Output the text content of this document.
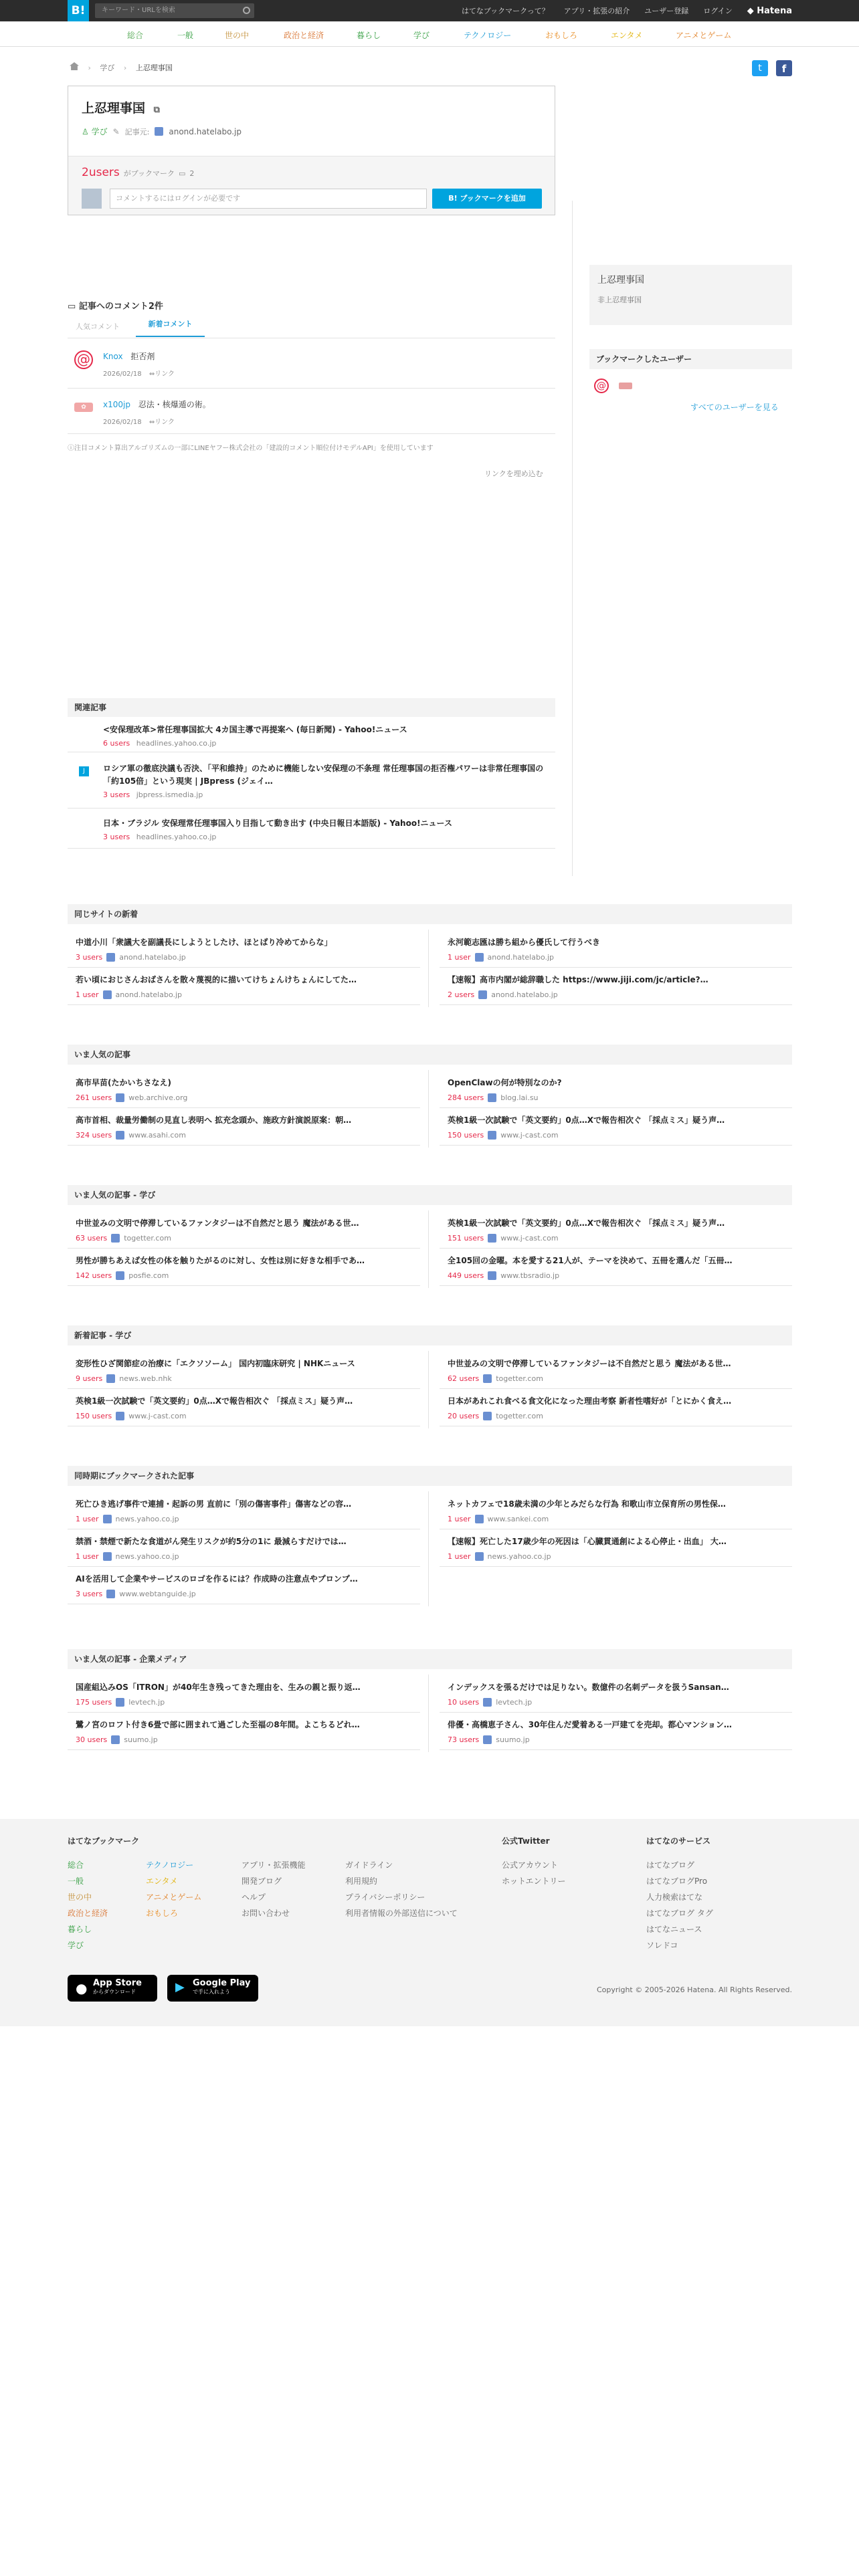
B!	キーワード・URLを検索	はてなブックマークって？ アプリ・拡張の紹介 ユーザー登録 ログイン ◆ Hatena
総合	一般	世の中	政治と経済	暮らし	学び	テクノロジー	おもしろ	エンタメ	アニメとゲーム
› 学び › 上忍理事国	t	f
上忍理事国 ⧉
♙ 学び ✎ 記事元: anond.hatelabo.jp
2users がブックマーク ▭ 2
コメントするにはログインが必要です	B! ブックマークを追加
上忍理事国
非上忍理事国
ブックマークしたユーザー
@
すべてのユーザーを見る
▭ 記事へのコメント2件
人気コメント	新着コメント
@	Knox 拒否剤
2026/02/18 ⇔リンク
✿	x100jp 忍法・核爆遁の術。
2026/02/18 ⇔リンク
ⓘ注目コメント算出アルゴリズムの一部にLINEヤフー株式会社の「建設的コメント順位付けモデルAPI」を使用しています
リンクを埋め込む
関連記事
<安保理改革>常任理事国拡大 4カ国主導で再提案へ (毎日新聞) - Yahoo!ニュース
6 users headlines.yahoo.co.jp
J	ロシア軍の徹底決議も否決、「平和維持」のために機能しない安保理の不条理 常任理事国の拒否権パワーは非常任理事国の「約105倍」という現実 | JBpress (ジェイ…
3 users jbpress.ismedia.jp
日本・ブラジル 安保理常任理事国入り目指して動き出す (中央日報日本語版) - Yahoo!ニュース
3 users headlines.yahoo.co.jp
同じサイトの新着
中道小川「衆議大を副議長にしようとしたけ、ほとばり冷めてからな」
3 users anond.hatelabo.jp
永河範志匯は勝ち組から優氏して行うべき
1 user anond.hatelabo.jp
若い頃におじさんおばさんを散々蔑視的に描いてけちょんけちょんにしてた…
1 user anond.hatelabo.jp
【速報】高市内閣が総辞職した https://www.jiji.com/jc/article?…
2 users anond.hatelabo.jp
いま人気の記事
高市早苗(たかいちさなえ)
261 users web.archive.org
OpenClawの何が特別なのか?
284 users blog.lai.su
高市首相、裁量労働制の見直し表明へ 拡充念頭か、施政方針演説原案：朝…
324 users www.asahi.com
英検1級一次試験で「英文要約」0点…Xで報告相次ぐ 「採点ミス」疑う声…
150 users www.j-cast.com
いま人気の記事 - 学び
中世並みの文明で停滞しているファンタジーは不自然だと思う 魔法がある世…
63 users togetter.com
英検1級一次試験で「英文要約」0点…Xで報告相次ぐ 「採点ミス」疑う声…
151 users www.j-cast.com
男性が勝ちあえば女性の体を触りたがるのに対し、女性は別に好きな相手であ…
142 users posfie.com
全105回の金曜。本を愛する21人が、テーマを決めて、五冊を選んだ「五冊…
449 users www.tbsradio.jp
新着記事 - 学び
変形性ひざ関節症の治療に「エクソソーム」 国内初臨床研究 | NHKニュース
9 users news.web.nhk
中世並みの文明で停滞しているファンタジーは不自然だと思う 魔法がある世…
62 users togetter.com
英検1級一次試験で「英文要約」0点…Xで報告相次ぐ 「採点ミス」疑う声…
150 users www.j-cast.com
日本があれこれ食べる食文化になった理由考察 新者性嗜好が「とにかく食え…
20 users togetter.com
同時期にブックマークされた記事
死亡ひき逃げ事件で連捕・起訴の男 直前に「別の傷害事件」傷害などの容…
1 user news.yahoo.co.jp
ネットカフェで18歳未満の少年とみだらな行為 和歌山市立保育所の男性保…
1 user www.sankei.com
禁酒・禁煙で新たな食道がん発生リスクが約5分の1に 最減らすだけでは…
1 user news.yahoo.co.jp
【速報】死亡した17歳少年の死因は「心臓貫通創による心停止・出血」 大…
1 user news.yahoo.co.jp
AIを活用して企業やサービスのロゴを作るには？作成時の注意点やプロンプ…
3 users www.webtanguide.jp
いま人気の記事 - 企業メディア
国産組込みOS「ITRON」が40年生き残ってきた理由を、生みの親と振り返…
175 users levtech.jp
インデックスを張るだけでは足りない。数億件の名刺データを扱うSansan…
10 users levtech.jp
鷺ノ宮のロフト付き6畳で部に囲まれて過ごした至福の8年間。よこちるどれ…
30 users suumo.jp
俳優・高橋恵子さん、30年住んだ愛着ある一戸建てを売却。都心マンション…
73 users suumo.jp
はてなブックマーク
総合
一般
世の中
政治と経済
暮らし
学び
テクノロジー
エンタメ
アニメとゲーム
おもしろ
アプリ・拡張機能
開発ブログ
ヘルプ
お問い合わせ
ガイドライン
利用規約
プライバシーポリシー
利用者情報の外部送信について
公式Twitter
公式アカウント
ホットエントリー
はてなのサービス
はてなブログ
はてなブログPro
人力検索はてな
はてなブログ タグ
はてなニュース
ソレドコ
● App Store
からダウンロード	▶ Google Play
で手に入れよう	Copyright © 2005-2026 Hatena. All Rights Reserved.
